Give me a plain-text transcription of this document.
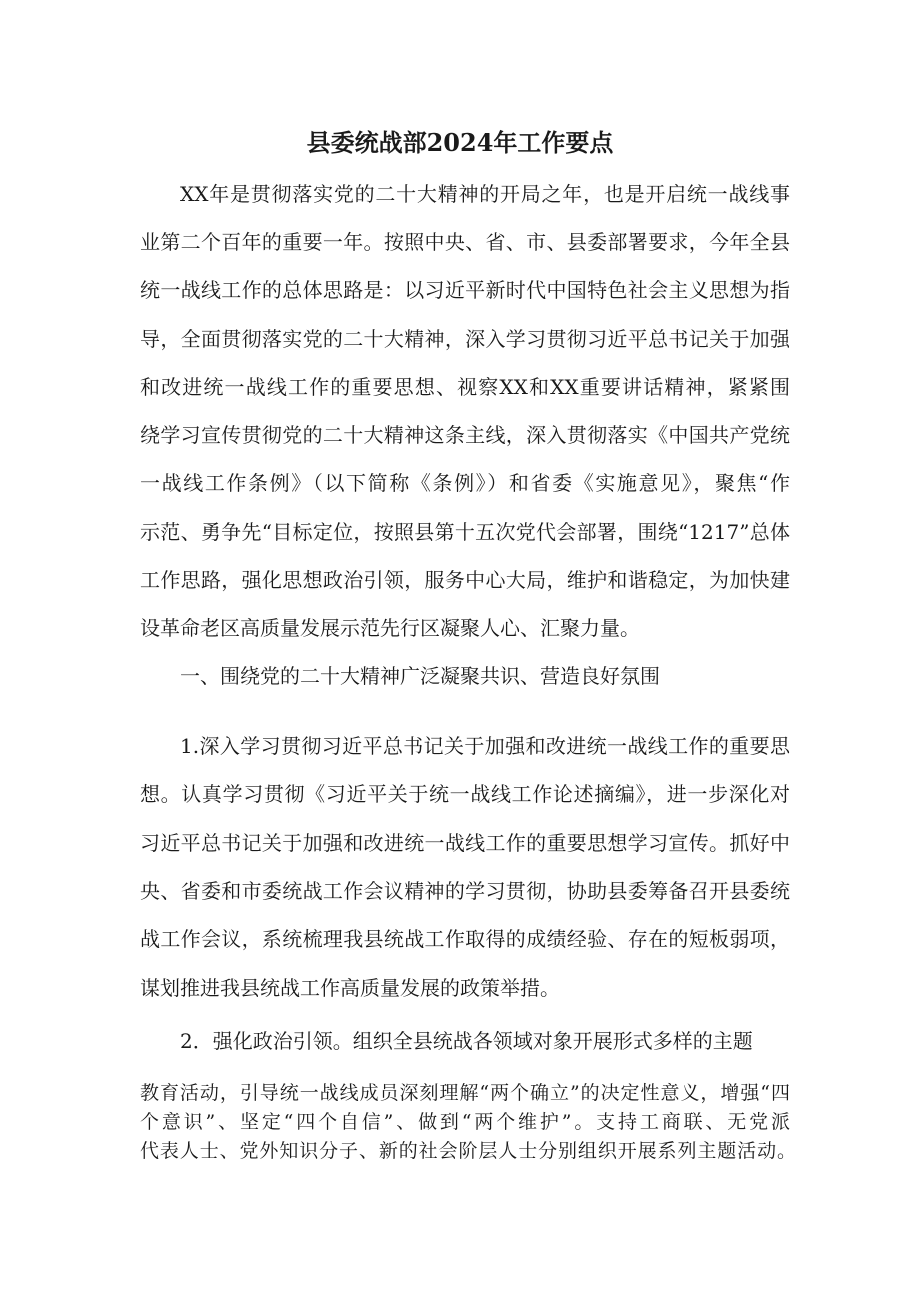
县委统战部2024年工作要点
XX年是贯彻落实党的二十大精神的开局之年，也是开启统一战线事
业第二个百年的重要一年。按照中央、省、市、县委部署要求，今年全县
统一战线工作的总体思路是：以习近平新时代中国特色社会主义思想为指
导，全面贯彻落实党的二十大精神，深入学习贯彻习近平总书记关于加强
和改进统一战线工作的重要思想、视察XX和XX重要讲话精神，紧紧围
绕学习宣传贯彻党的二十大精神这条主线，深入贯彻落实《中国共产党统
一战线工作条例》（以下简称《条例》）和省委《实施意见》，聚焦“作
示范、勇争先“目标定位，按照县第十五次党代会部署，围绕“1217”总体
工作思路，强化思想政治引领，服务中心大局，维护和谐稳定，为加快建
设革命老区高质量发展示范先行区凝聚人心、汇聚力量。
一、围绕党的二十大精神广泛凝聚共识、营造良好氛围
1.深入学习贯彻习近平总书记关于加强和改进统一战线工作的重要思
想。认真学习贯彻《习近平关于统一战线工作论述摘编》，进一步深化对
习近平总书记关于加强和改进统一战线工作的重要思想学习宣传。抓好中
央、省委和市委统战工作会议精神的学习贯彻，协助县委筹备召开县委统
战工作会议，系统梳理我县统战工作取得的成绩经验、存在的短板弱项，
谋划推进我县统战工作高质量发展的政策举措。
2．强化政治引领。组织全县统战各领域对象开展形式多样的主题
教育活动，引导统一战线成员深刻理解“两个确立”的决定性意义，增强“四
个意识”、坚定“四个自信”、做到“两个维护”。支持工商联、无党派
代表人士、党外知识分子、新的社会阶层人士分别组织开展系列主题活动。
